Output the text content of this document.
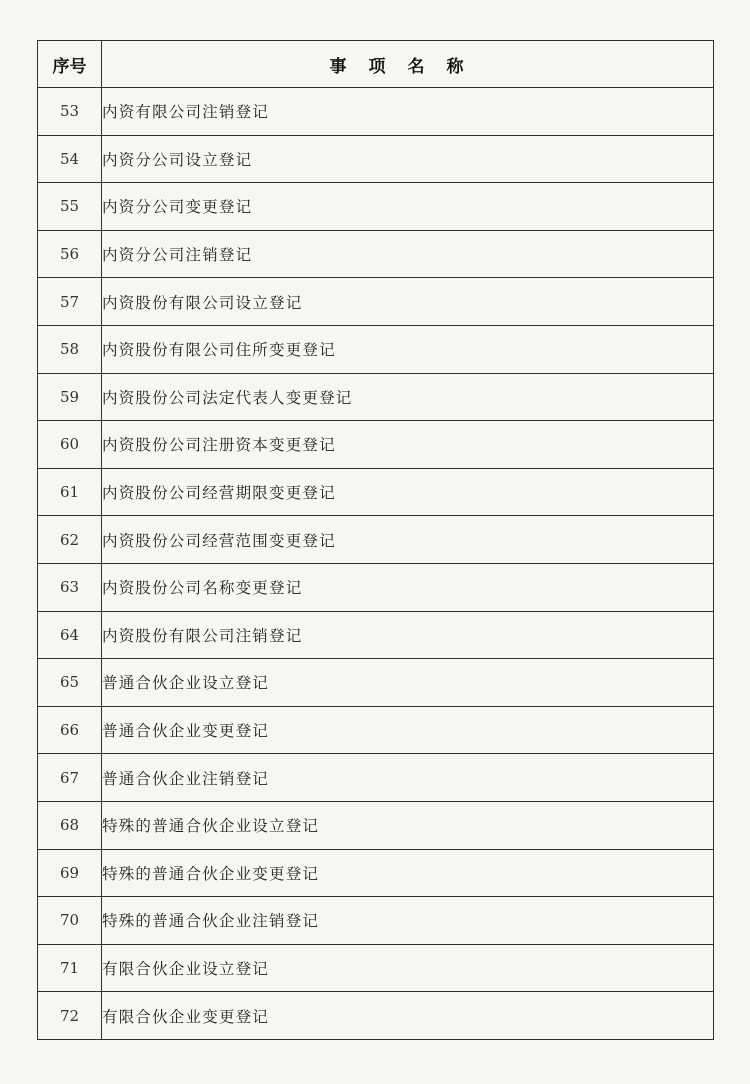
序号	事项名称
53	内资有限公司注销登记
54	内资分公司设立登记
55	内资分公司变更登记
56	内资分公司注销登记
57	内资股份有限公司设立登记
58	内资股份有限公司住所变更登记
59	内资股份公司法定代表人变更登记
60	内资股份公司注册资本变更登记
61	内资股份公司经营期限变更登记
62	内资股份公司经营范围变更登记
63	内资股份公司名称变更登记
64	内资股份有限公司注销登记
65	普通合伙企业设立登记
66	普通合伙企业变更登记
67	普通合伙企业注销登记
68	特殊的普通合伙企业设立登记
69	特殊的普通合伙企业变更登记
70	特殊的普通合伙企业注销登记
71	有限合伙企业设立登记
72	有限合伙企业变更登记
